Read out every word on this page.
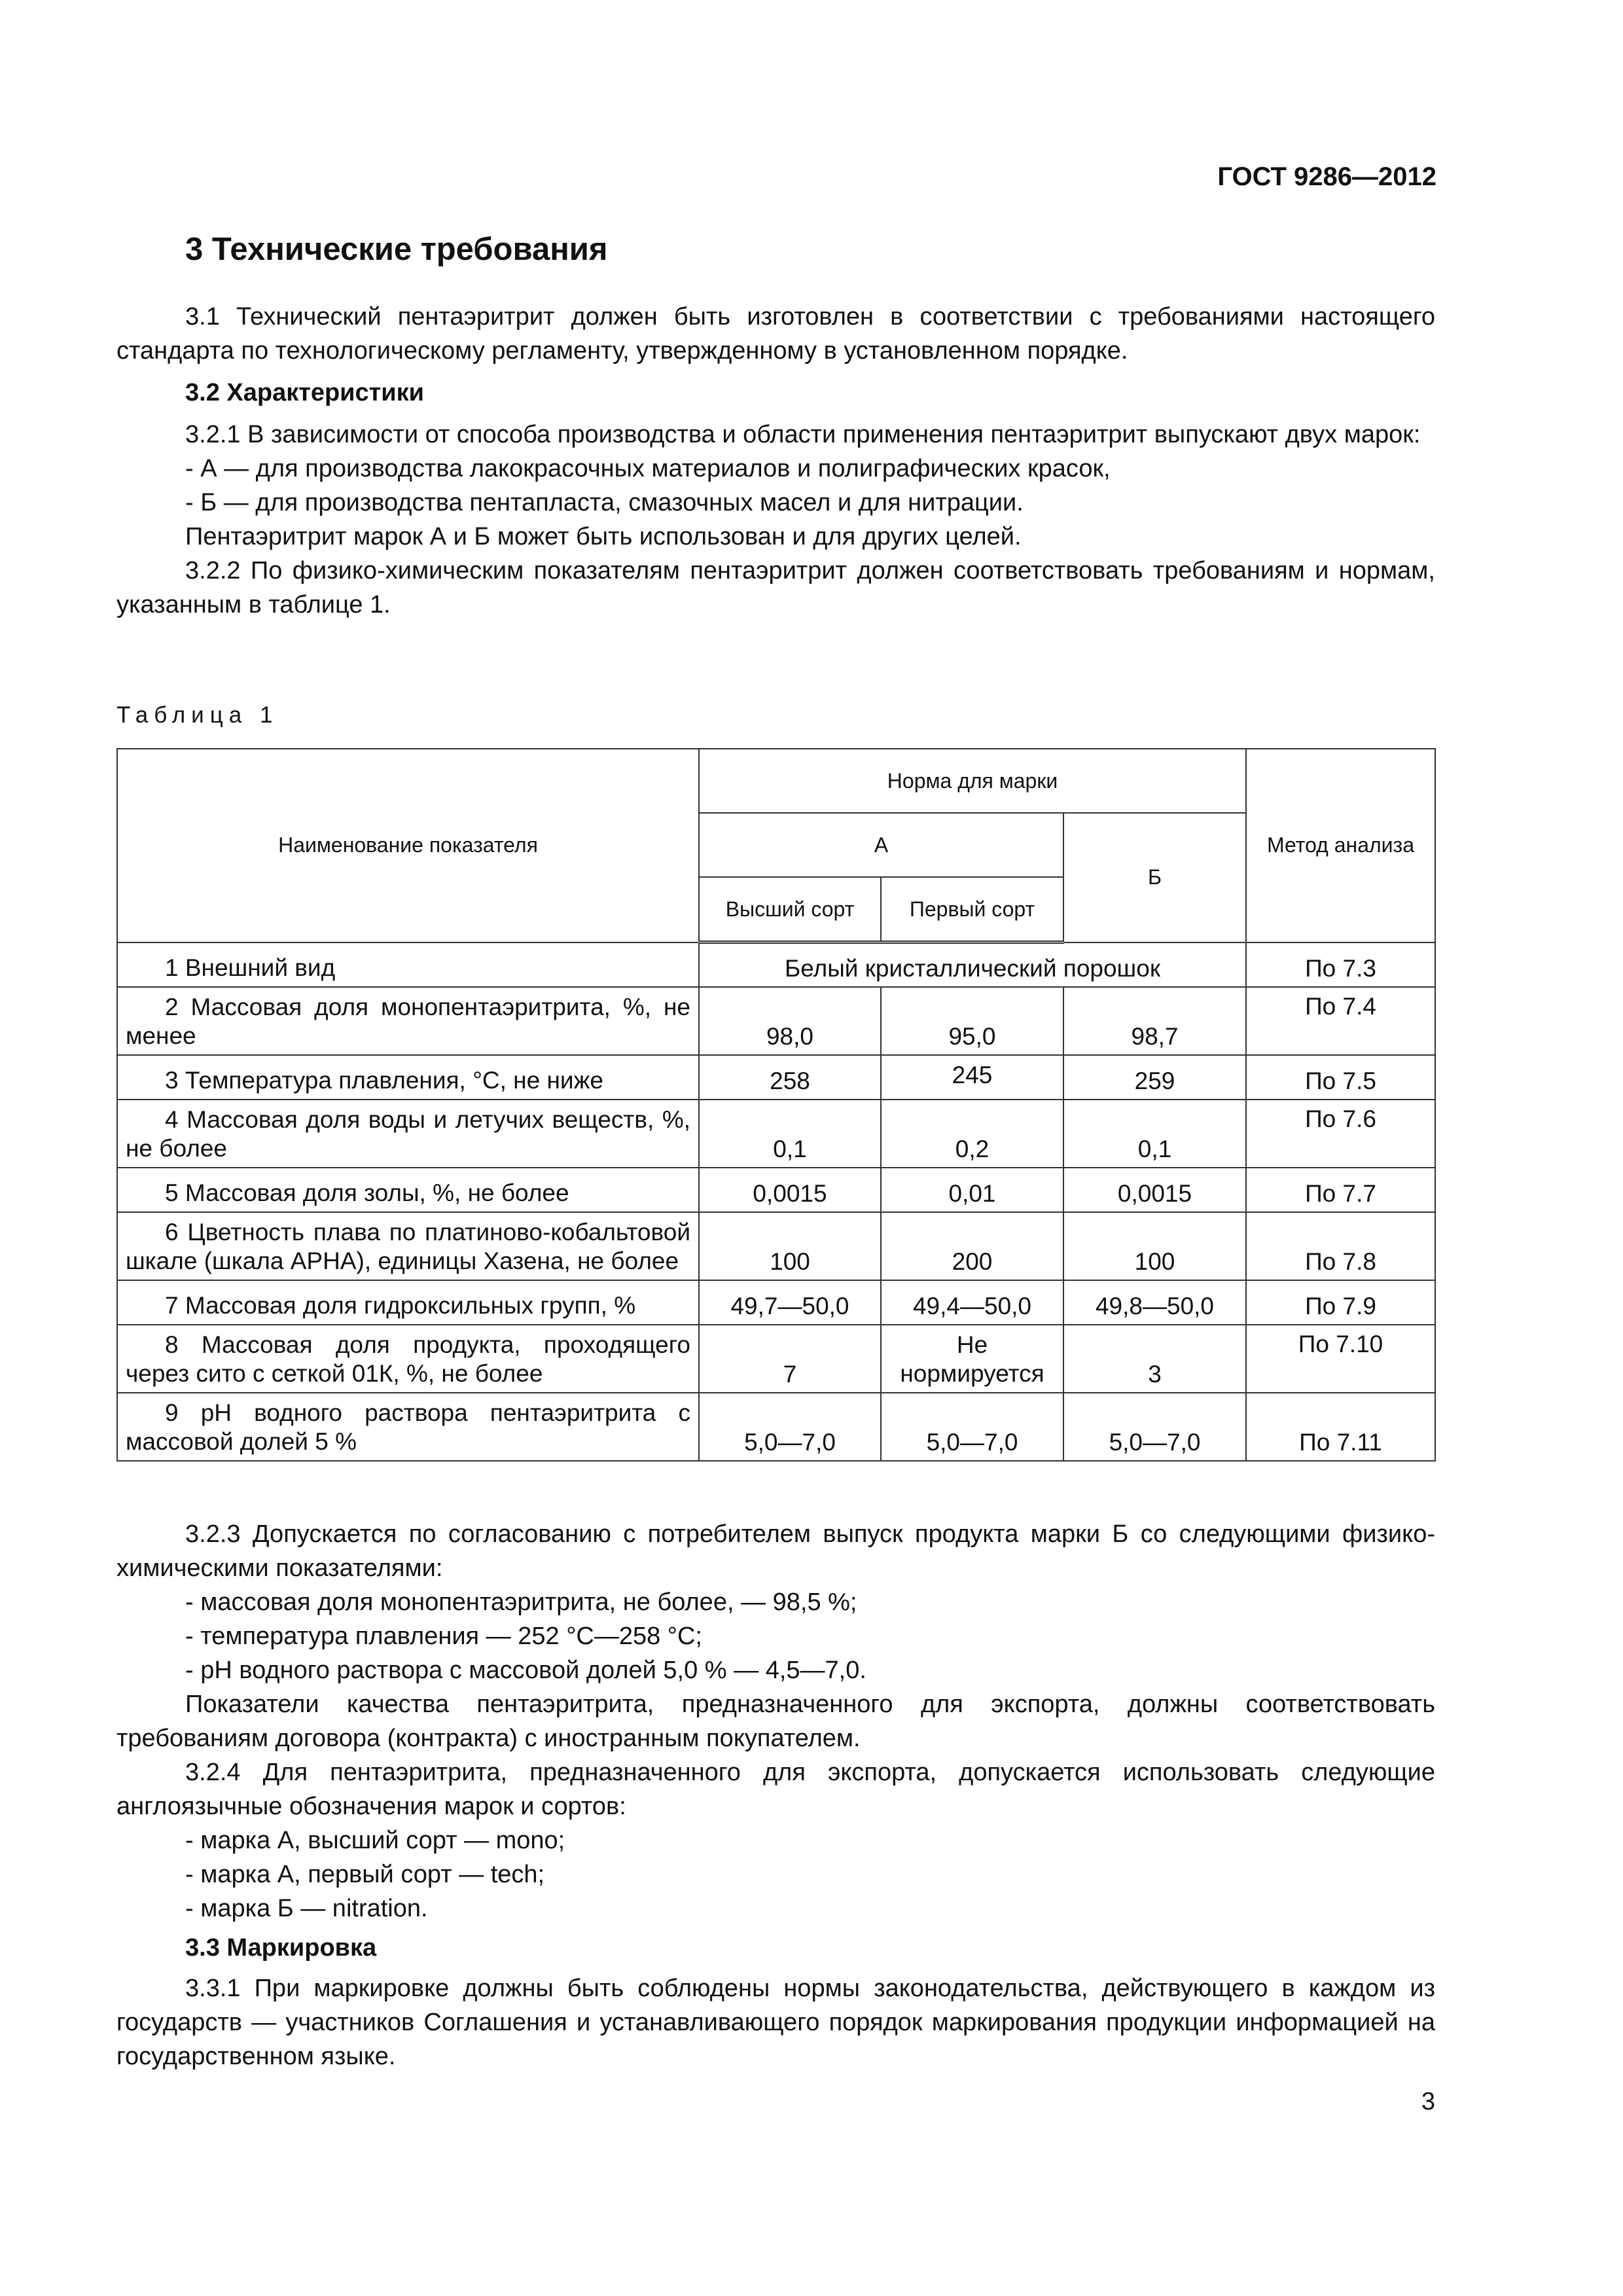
ГОСТ 9286—2012
3 Технические требования

3.1 Технический пентаэритрит должен быть изготовлен в соответствии с требованиями настоящего стандарта по технологическому регламенту, утвержденному в установленном порядке.

3.2 Характеристики

3.2.1 В зависимости от способа производства и области применения пентаэритрит выпускают двух марок:

- А — для производства лакокрасочных материалов и полиграфических красок,

- Б — для производства пентапласта, смазочных масел и для нитрации.

Пентаэритрит марок А и Б может быть использован и для других целей.

3.2.2 По физико-химическим показателям пентаэритрит должен соответствовать требованиям и нормам, указанным в таблице 1.

Таблица 1
Наименование показателя	Норма для марки			Метод анализа
	А		Б	
	Высший сорт	Первый сорт		
1 Внешний вид	Белый кристаллический порошок			По 7.3
2 Массовая доля монопентаэритрита, %, не менее	98,0	95,0	98,7	По 7.4
3 Температура плавления, °С, не ниже	258	245	259	По 7.5
4 Массовая доля воды и летучих веществ, %, не более	0,1	0,2	0,1	По 7.6
5 Массовая доля золы, %, не более	0,0015	0,01	0,0015	По 7.7
6 Цветность плава по платиново-кобальтовой шкале (шкала АРНА), единицы Хазена, не более	100	200	100	По 7.8
7 Массовая доля гидроксильных групп, %	49,7—50,0	49,4—50,0	49,8—50,0	По 7.9
8 Массовая доля продукта, проходящего через сито с сеткой 01К, %, не более	7	Не нормируется	3	По 7.10
9 рН водного раствора пентаэритрита с массовой долей 5 %	5,0—7,0	5,0—7,0	5,0—7,0	По 7.11

3.2.3 Допускается по согласованию с потребителем выпуск продукта марки Б со следующими физико-химическими показателями:

- массовая доля монопентаэритрита, не более, — 98,5 %;

- температура плавления — 252 °С—258 °С;

- рН водного раствора с массовой долей 5,0 % — 4,5—7,0.

Показатели качества пентаэритрита, предназначенного для экспорта, должны соответствовать требованиям договора (контракта) с иностранным покупателем.

3.2.4 Для пентаэритрита, предназначенного для экспорта, допускается использовать следующие англоязычные обозначения марок и сортов:

- марка А, высший сорт — mono;

- марка А, первый сорт — tech;

- марка Б — nitration.

3.3 Маркировка

3.3.1 При маркировке должны быть соблюдены нормы законодательства, действующего в каждом из государств — участников Соглашения и устанавливающего порядок маркирования продукции информацией на государственном языке.

3
